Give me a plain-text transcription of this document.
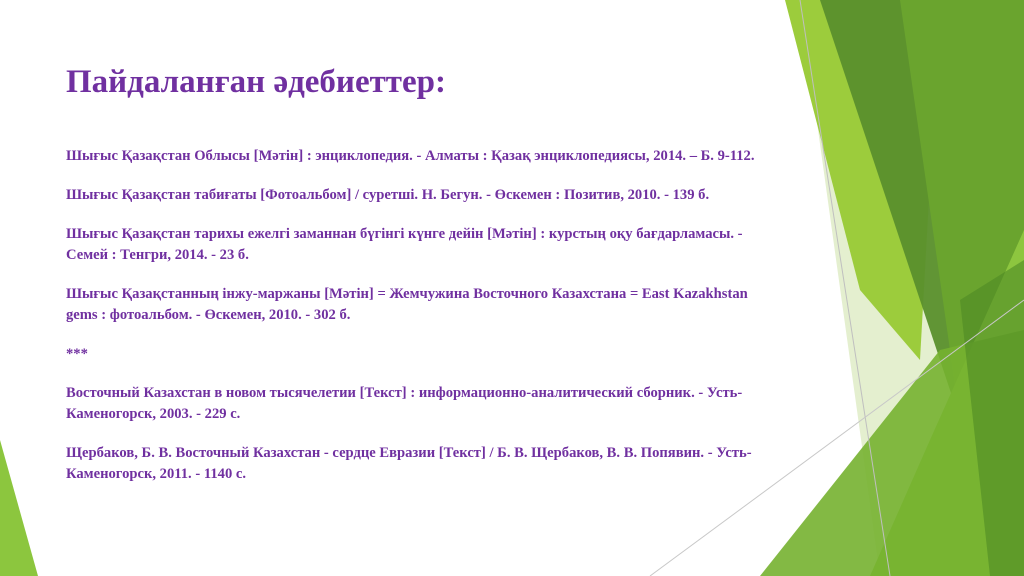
Пайдаланған әдебиеттер:
Шығыс Қазақстан Облысы [Мәтін] : энциклопедия. - Алматы : Қазақ энциклопедиясы, 2014. – Б. 9-112.
Шығыс Қазақстан табиғаты [Фотоальбом] / суретші. Н. Бегун. - Өскемен : Позитив, 2010. - 139 б.
Шығыс Қазақстан тарихы ежелгі заманнан бүгінгі күнге дейін [Мәтін] : курстың оқу бағдарламасы. - Семей : Тенгри, 2014. - 23 б.
Шығыс Қазақстанның інжу-маржаны [Мәтін] = Жемчужина Восточного Казахстана = East Kazakhstan gems : фотоальбом. - Өскемен, 2010. - 302 б.
***
Восточный Казахстан в новом тысячелетии [Текст] : информационно-аналитический сборник. - Усть-Каменогорск, 2003. - 229 с.
Щербаков, Б. В. Восточный Казахстан - сердце Евразии [Текст] / Б. В. Щербаков, В. В. Попявин. - Усть-Каменогорск, 2011. - 1140 с.
